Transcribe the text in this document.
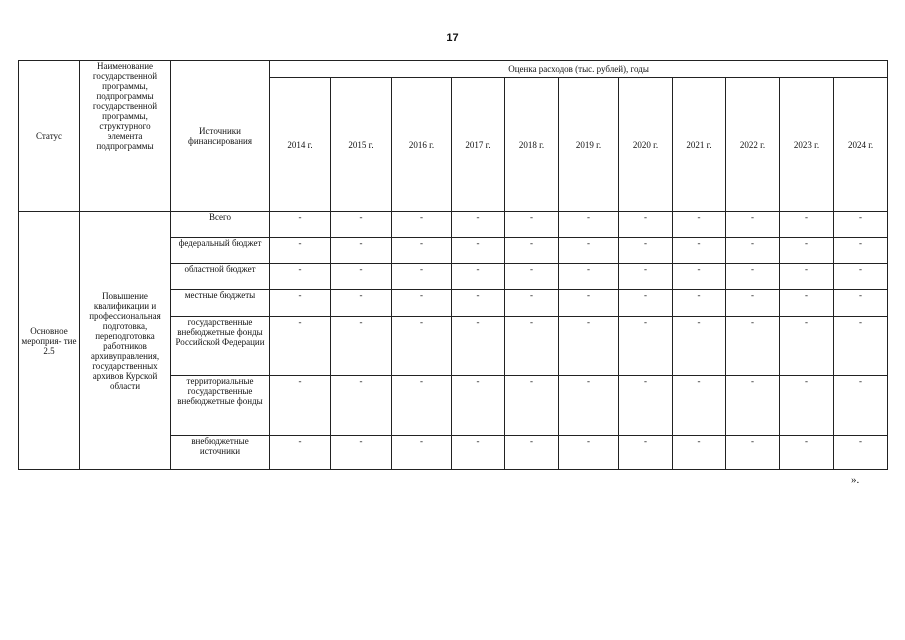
17
Статус	Наименование государственной программы, подпрограммы государственной программы, структурного элемента подпрограммы	Источники финансирования	Оценка расходов (тыс. рублей), годы										
			2014 г.	2015 г.	2016 г.	2017 г.	2018 г.	2019 г.	2020 г.	2021 г.	2022 г.	2023 г.	2024 г.
Основное мероприя- тие 2.5	Повышение квалификации и профессиональная подготовка, переподготовка работников архивуправления, государственных архивов Курской области	Всего	-	-	-	-	-	-	-	-	-	-	-
		федеральный бюджет	-	-	-	-	-	-	-	-	-	-	-
		областной бюджет	-	-	-	-	-	-	-	-	-	-	-
		местные бюджеты	-	-	-	-	-	-	-	-	-	-	-
		государственные внебюджетные фонды Российской Федерации	-	-	-	-	-	-	-	-	-	-	-
		территориальные государственные внебюджетные фонды	-	-	-	-	-	-	-	-	-	-	-
		внебюджетные источники	-	-	-	-	-	-	-	-	-	-	-
».
